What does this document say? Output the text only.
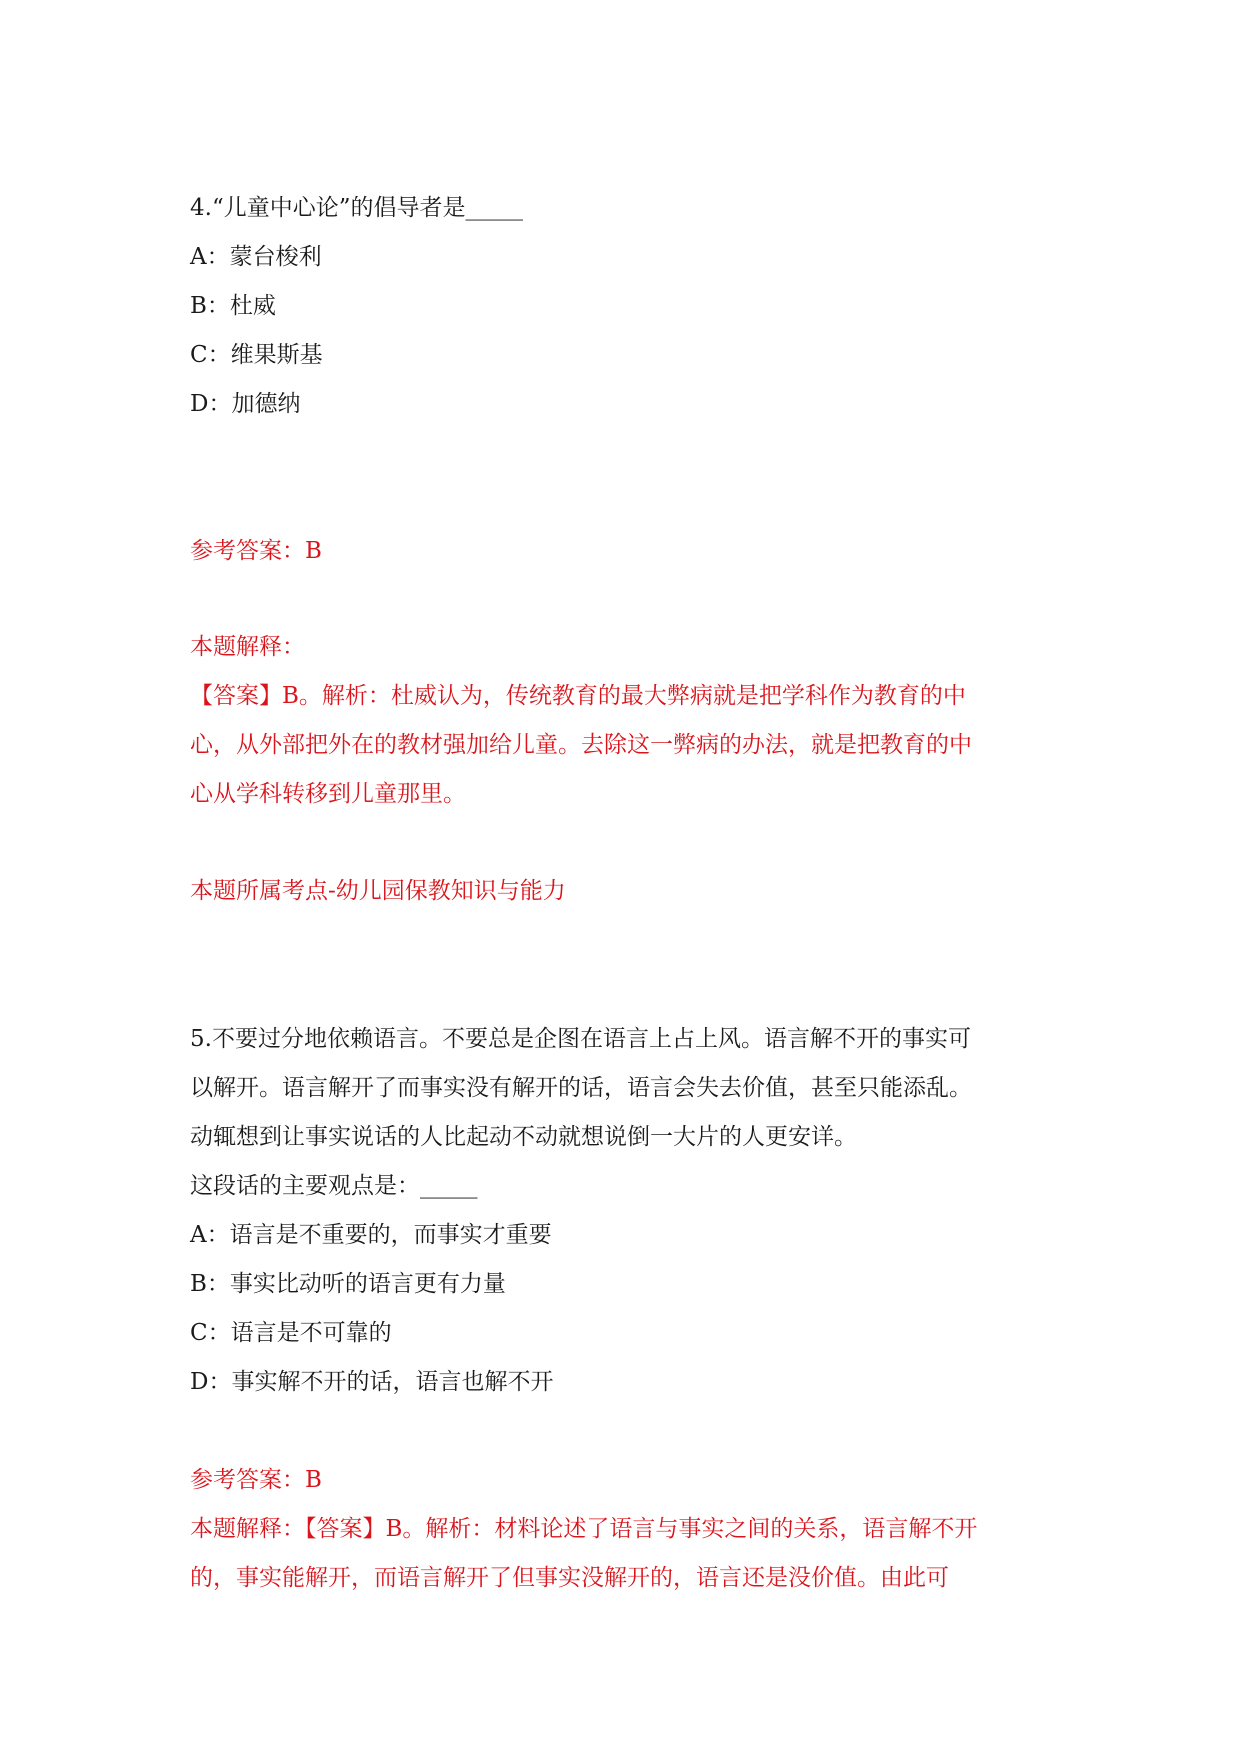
4.“儿童中心论”的倡导者是_____
A：蒙台梭利
B：杜威
C：维果斯基
D：加德纳
参考答案：B
本题解释：
【答案】B。解析：杜威认为，传统教育的最大弊病就是把学科作为教育的中
心，从外部把外在的教材强加给儿童。去除这一弊病的办法，就是把教育的中
心从学科转移到儿童那里。
本题所属考点-幼儿园保教知识与能力
5.不要过分地依赖语言。不要总是企图在语言上占上风。语言解不开的事实可
以解开。语言解开了而事实没有解开的话，语言会失去价值，甚至只能添乱。
动辄想到让事实说话的人比起动不动就想说倒一大片的人更安详。
这段话的主要观点是：_____
A：语言是不重要的，而事实才重要
B：事实比动听的语言更有力量
C：语言是不可靠的
D：事实解不开的话，语言也解不开
参考答案：B
本题解释：【答案】B。解析：材料论述了语言与事实之间的关系，语言解不开
的，事实能解开，而语言解开了但事实没解开的，语言还是没价值。由此可
